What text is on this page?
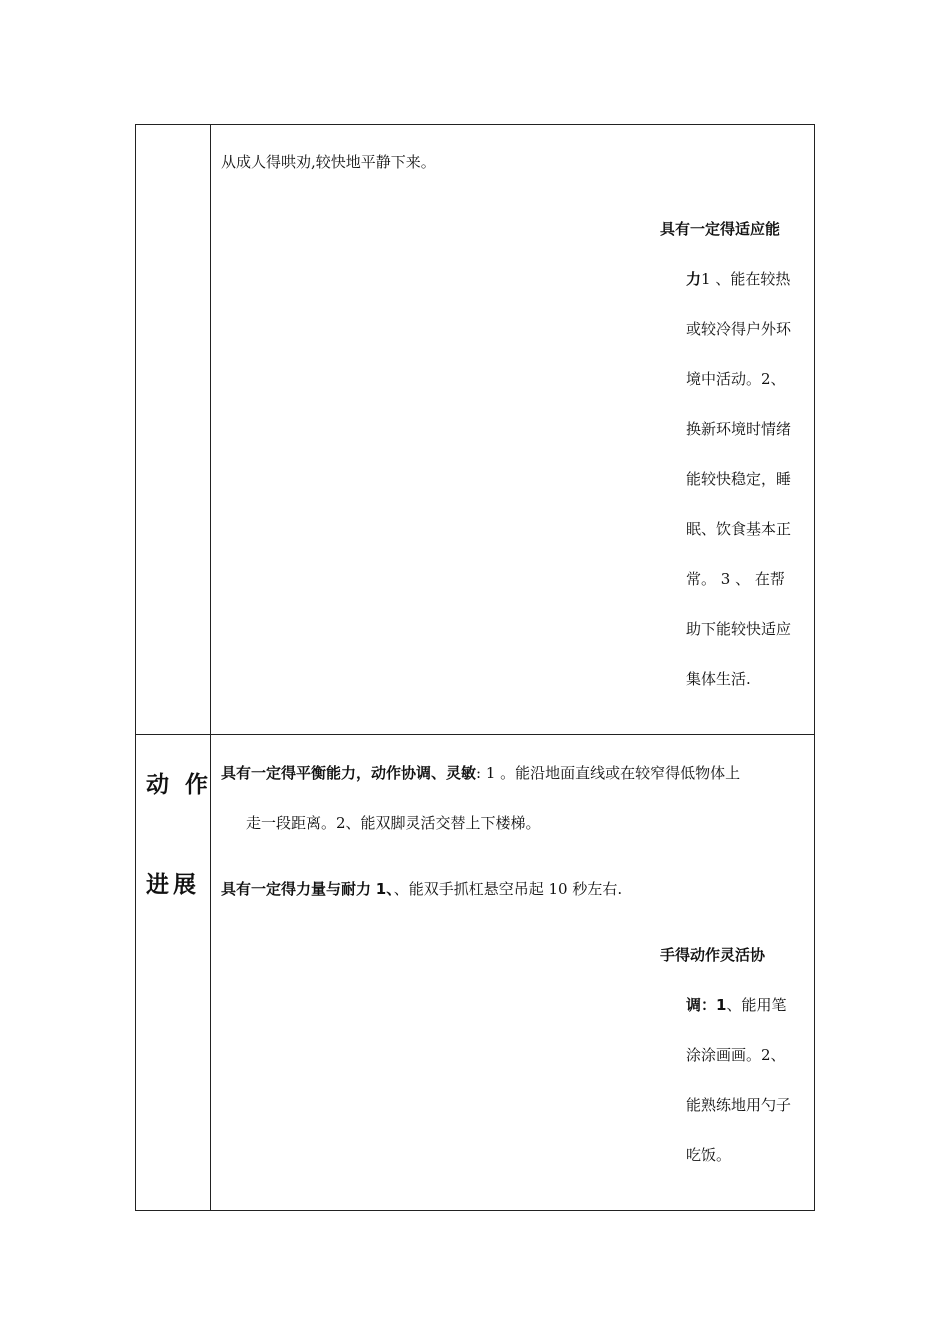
从成人得哄劝,较快地平静下来。
具有一定得适应能
力1 、能在较热
或较冷得户外环
境中活动。2、
换新环境时情绪
能较快稳定，睡
眠、饮食基本正
常。 3 、 在帮
助下能较快适应
集体生活.
动 作
进展
具有一定得平衡能力，动作协调、灵敏: 1 。能沿地面直线或在较窄得低物体上
走一段距离。2、能双脚灵活交替上下楼梯。
具有一定得力量与耐力 1、、能双手抓杠悬空吊起 10 秒左右.
手得动作灵活协
调：1、能用笔
涂涂画画。2、
能熟练地用勺子
吃饭。
